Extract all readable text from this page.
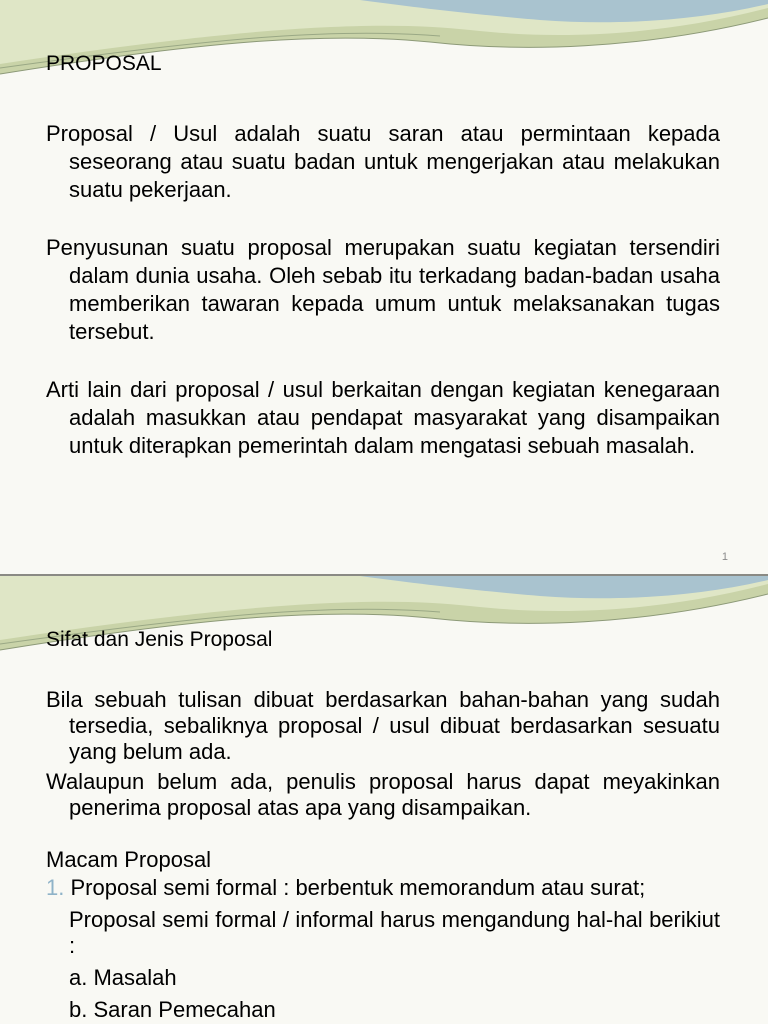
PROPOSAL

Proposal / Usul adalah suatu saran atau permintaan kepada seseorang atau suatu badan untuk mengerjakan atau melakukan suatu pekerjaan.

Penyusunan suatu proposal merupakan suatu kegiatan tersendiri dalam dunia usaha. Oleh sebab itu terkadang badan-badan usaha memberikan tawaran kepada umum untuk melaksanakan tugas tersebut.

Arti lain dari proposal / usul berkaitan dengan kegiatan kenegaraan adalah masukkan atau pendapat masyarakat yang disampaikan untuk diterapkan pemerintah dalam mengatasi sebuah masalah.

1
Sifat dan Jenis Proposal

Bila sebuah tulisan dibuat berdasarkan bahan-bahan yang sudah tersedia, sebaliknya proposal / usul dibuat berdasarkan sesuatu yang belum ada.

Walaupun belum ada, penulis proposal harus dapat meyakinkan penerima proposal atas apa yang disampaikan.

Macam Proposal

1. Proposal semi formal : berbentuk memorandum atau surat;

Proposal semi formal / informal harus mengandung hal-hal berikiut :

a. Masalah

b. Saran Pemecahan
